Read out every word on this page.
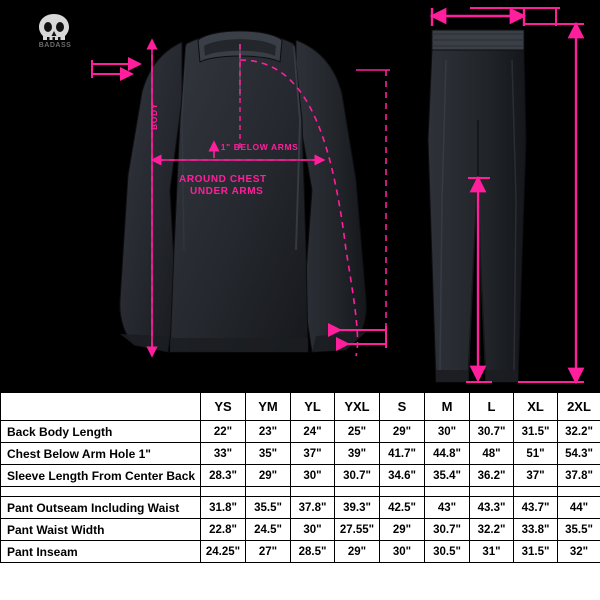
BADASS
BODY
↑ 1" BELOW ARMS
AROUND CHEST
UNDER ARMS
	YS	YM	YL	YXL	S	M	L	XL	2XL
Back Body Length	22"	23"	24"	25"	29"	30"	30.7"	31.5"	32.2"
Chest Below Arm Hole 1"	33"	35"	37"	39"	41.7"	44.8"	48"	51"	54.3"
Sleeve Length From Center Back	28.3"	29"	30"	30.7"	34.6"	35.4"	36.2"	37"	37.8"

Pant Outseam Including Waist	31.8"	35.5"	37.8"	39.3"	42.5"	43"	43.3"	43.7"	44"
Pant Waist Width	22.8"	24.5"	30"	27.55"	29"	30.7"	32.2"	33.8"	35.5"
Pant Inseam	24.25"	27"	28.5"	29"	30"	30.5"	31"	31.5"	32"
